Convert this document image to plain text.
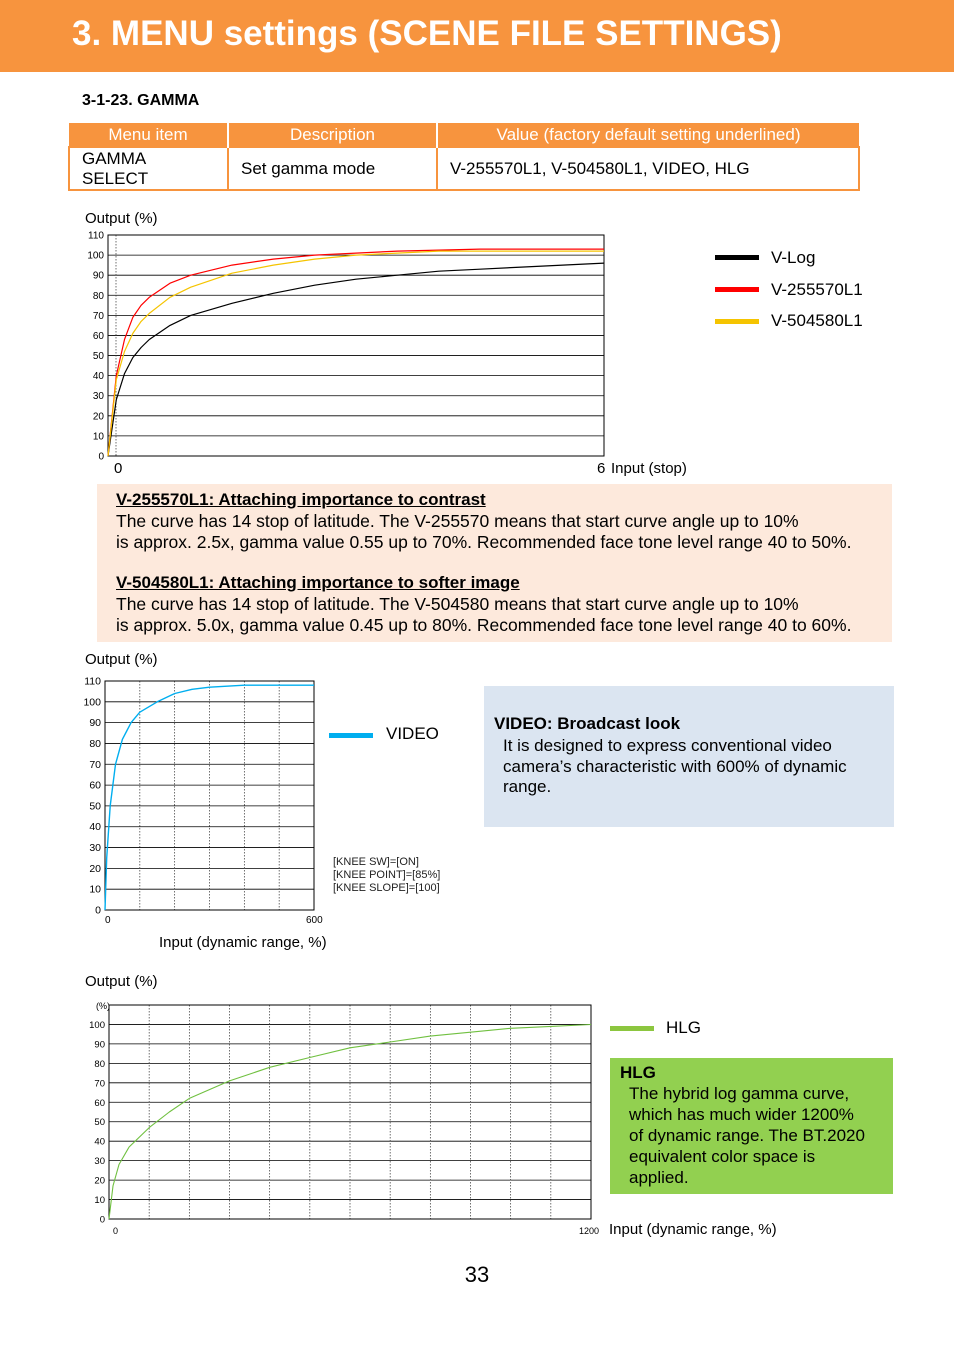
3. MENU settings (SCENE FILE SETTINGS)
3-1-23. GAMMA
Menu item	Description	Value (factory default setting underlined)

GAMMA
SELECT	Set gamma mode	V-255570L1, V-504580L1, VIDEO, HLG
Output (%)
0
10
20
30
40
50
60
70
80
90
100
110
0	6 Input (stop)
V-Log
V-255570L1
V-504580L1
V-255570L1: Attaching importance to contrast
The curve has 14 stop of latitude. The V-255570 means that start curve angle up to 10%
is approx. 2.5x, gamma value 0.55 up to 70%. Recommended face tone level range 40 to 50%.
V-504580L1: Attaching importance to softer image
The curve has 14 stop of latitude. The V-504580 means that start curve angle up to 10%
is approx. 5.0x, gamma value 0.45 up to 80%. Recommended face tone level range 40 to 60%.
Output (%)
0
10
20
30
40
50
60
70
80
90
100
110
0	600
Input (dynamic range, %)
VIDEO
[KNEE SW]=[ON]
[KNEE POINT]=[85%]
[KNEE SLOPE]=[100]
VIDEO: Broadcast look
It is designed to express conventional video
camera’s characteristic with 600% of dynamic
range.
Output (%)
0
10
20
30
40
50
60
70
80
90
100
(%)
0	1200 Input (dynamic range, %)
HLG
HLG
The hybrid log gamma curve,
which has much wider 1200%
of dynamic range. The BT.2020
equivalent color space is
applied.
33
